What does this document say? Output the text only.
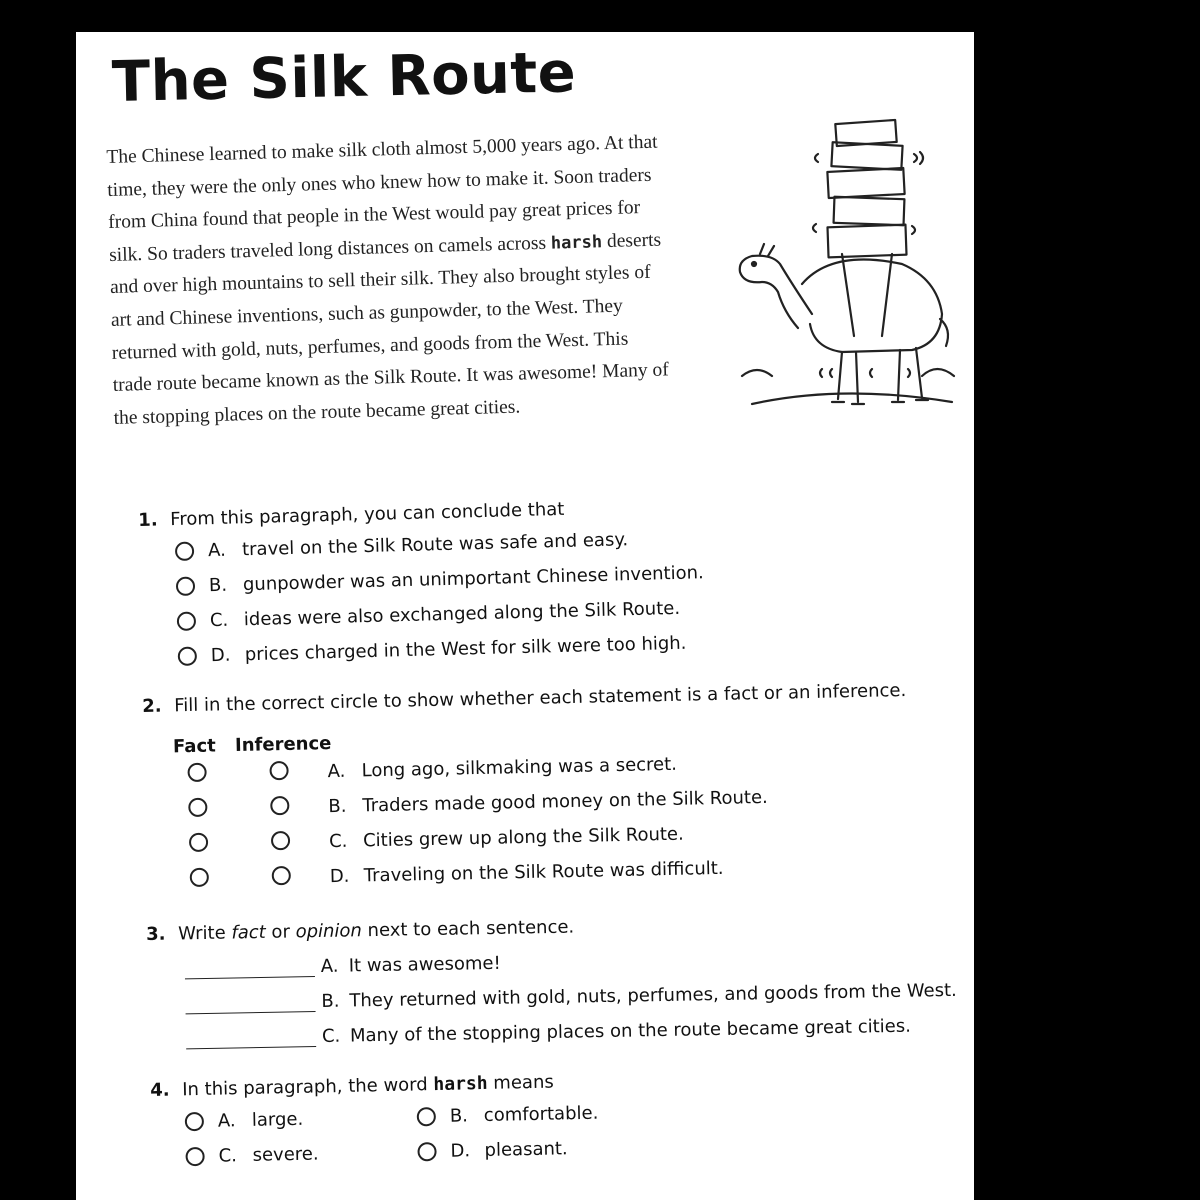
The Silk Route

The Chinese learned to make silk cloth almost 5,000 years ago. At that time, they were the only ones who knew how to make it. Soon traders from China found that people in the West would pay great prices for silk. So traders traveled long distances on camels across harsh deserts and over high mountains to sell their silk. They also brought styles of art and Chinese inventions, such as gunpowder, to the West. They returned with gold, nuts, perfumes, and goods from the West. This trade route became known as the Silk Route. It was awesome! Many of the stopping places on the route became great cities.

1. From this paragraph, you can conclude that
A. travel on the Silk Route was safe and easy.
B. gunpowder was an unimportant Chinese invention.
C. ideas were also exchanged along the Silk Route.
D. prices charged in the West for silk were too high.
2. Fill in the correct circle to show whether each statement is a fact or an inference.
Fact Inference
A. Long ago, silkmaking was a secret.
B. Traders made good money on the Silk Route.
C. Cities grew up along the Silk Route.
D. Traveling on the Silk Route was difficult.
3. Write fact or opinion next to each sentence.
A. It was awesome!
B. They returned with gold, nuts, perfumes, and goods from the West.
C. Many of the stopping places on the route became great cities.
4. In this paragraph, the word harsh means
A. large.	B. comfortable.
C. severe.	D. pleasant.
